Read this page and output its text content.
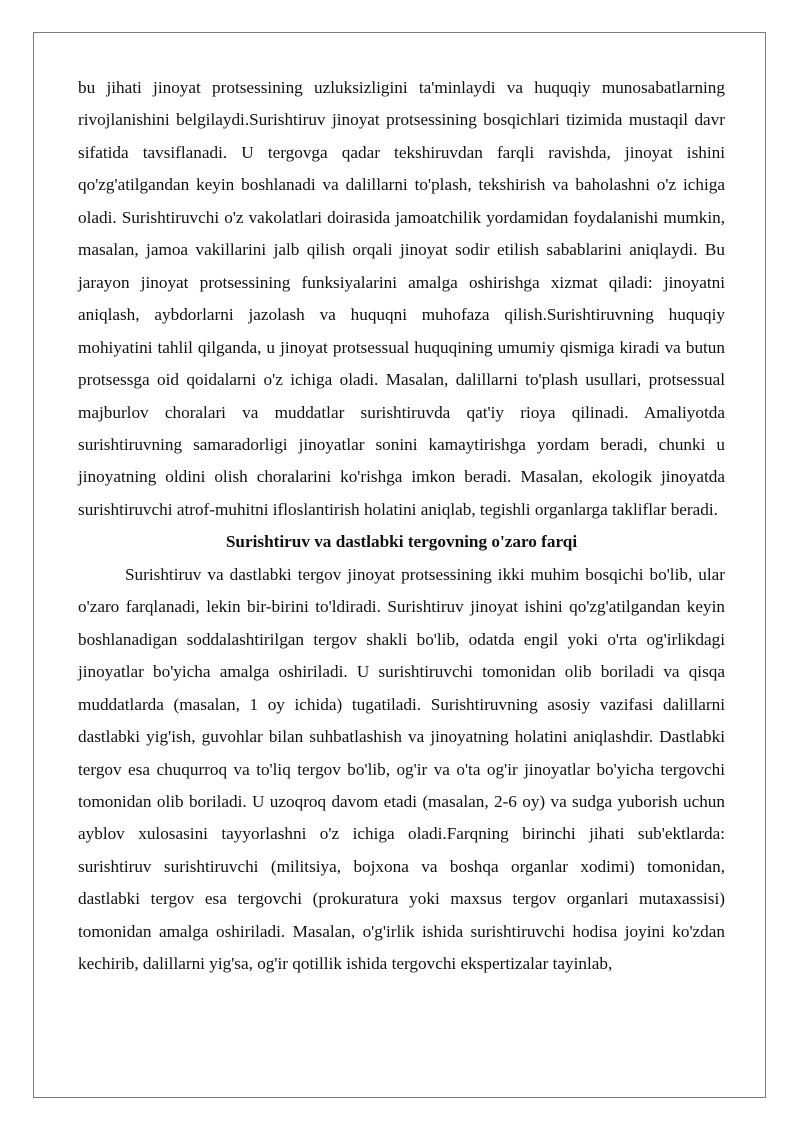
bu jihati jinoyat protsessining uzluksizligini ta'minlaydi va huquqiy munosabatlarning rivojlanishini belgilaydi.Surishtiruv jinoyat protsessining bosqichlari tizimida mustaqil davr sifatida tavsiflanadi. U tergovga qadar tekshiruvdan farqli ravishda, jinoyat ishini qo'zg'atilgandan keyin boshlanadi va dalillarni to'plash, tekshirish va baholashni o'z ichiga oladi. Surishtiruvchi o'z vakolatlari doirasida jamoatchilik yordamidan foydalanishi mumkin, masalan, jamoa vakillarini jalb qilish orqali jinoyat sodir etilish sabablarini aniqlaydi. Bu jarayon jinoyat protsessining funksiyalarini amalga oshirishga xizmat qiladi: jinoyatni aniqlash, aybdorlarni jazolash va huquqni muhofaza qilish.Surishtiruvning huquqiy mohiyatini tahlil qilganda, u jinoyat protsessual huquqining umumiy qismiga kiradi va butun protsessga oid qoidalarni o'z ichiga oladi. Masalan, dalillarni to'plash usullari, protsessual majburlov choralari va muddatlar surishtiruvda qat'iy rioya qilinadi. Amaliyotda surishtiruvning samaradorligi jinoyatlar sonini kamaytirishga yordam beradi, chunki u jinoyatning oldini olish choralarini ko'rishga imkon beradi. Masalan, ekologik jinoyatda surishtiruvchi atrof-muhitni ifloslantirish holatini aniqlab, tegishli organlarga takliflar beradi.

Surishtiruv va dastlabki tergovning o'zaro farqi

Surishtiruv va dastlabki tergov jinoyat protsessining ikki muhim bosqichi bo'lib, ular o'zaro farqlanadi, lekin bir-birini to'ldiradi. Surishtiruv jinoyat ishini qo'zg'atilgandan keyin boshlanadigan soddalashtirilgan tergov shakli bo'lib, odatda engil yoki o'rta og'irlikdagi jinoyatlar bo'yicha amalga oshiriladi. U surishtiruvchi tomonidan olib boriladi va qisqa muddatlarda (masalan, 1 oy ichida) tugatiladi. Surishtiruvning asosiy vazifasi dalillarni dastlabki yig'ish, guvohlar bilan suhbatlashish va jinoyatning holatini aniqlashdir. Dastlabki tergov esa chuqurroq va to'liq tergov bo'lib, og'ir va o'ta og'ir jinoyatlar bo'yicha tergovchi tomonidan olib boriladi. U uzoqroq davom etadi (masalan, 2-6 oy) va sudga yuborish uchun ayblov xulosasini tayyorlashni o'z ichiga oladi.Farqning birinchi jihati sub'ektlarda: surishtiruv surishtiruvchi (militsiya, bojxona va boshqa organlar xodimi) tomonidan, dastlabki tergov esa tergovchi (prokuratura yoki maxsus tergov organlari mutaxassisi) tomonidan amalga oshiriladi. Masalan, o'g'irlik ishida surishtiruvchi hodisa joyini ko'zdan kechirib, dalillarni yig'sa, og'ir qotillik ishida tergovchi ekspertizalar tayinlab,
